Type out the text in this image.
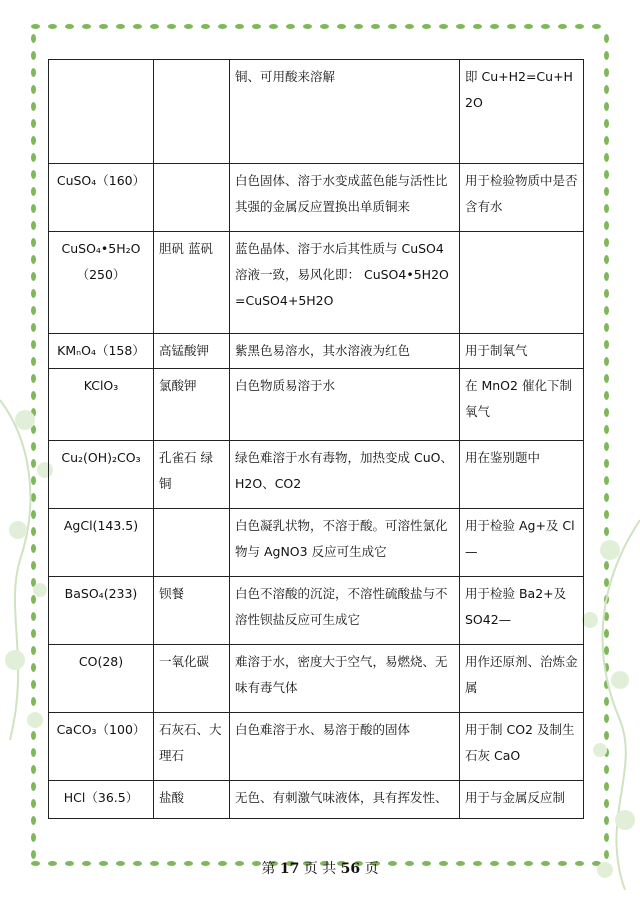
		铜、可用酸来溶解	即 Cu+H2=Cu+H2O
CuSO₄（160）		白色固体、溶于水变成蓝色能与活性比其强的金属反应置换出单质铜来	用于检验物质中是否含有水
CuSO₄•5H₂O（250）	胆矾 蓝矾	蓝色晶体、溶于水后其性质与 CuSO4 溶液一致，易风化即： CuSO4•5H2O=CuSO4+5H2O	
KMₙO₄（158）	高锰酸钾	紫黑色易溶水，其水溶液为红色	用于制氧气
KClO₃	氯酸钾	白色物质易溶于水	在 MnO2 催化下制氧气
Cu₂(OH)₂CO₃	孔雀石 绿铜	绿色难溶于水有毒物，加热变成 CuO、H2O、CO2	用在鉴别题中
AgCl(143.5)		白色凝乳状物，不溶于酸。可溶性氯化物与 AgNO3 反应可生成它	用于检验 Ag+及 Cl—
BaSO₄(233)	钡餐	白色不溶酸的沉淀，不溶性硫酸盐与不溶性钡盐反应可生成它	用于检验 Ba2+及 SO42—
CO(28)	一氧化碳	难溶于水，密度大于空气，易燃烧、无味有毒气体	用作还原剂、治炼金属
CaCO₃（100）	石灰石、大理石	白色难溶于水、易溶于酸的固体	用于制 CO2 及制生石灰 CaO
HCl（36.5）	盐酸	无色、有刺激气味液体，具有挥发性、	用于与金属反应制
第 17 页 共 56 页
